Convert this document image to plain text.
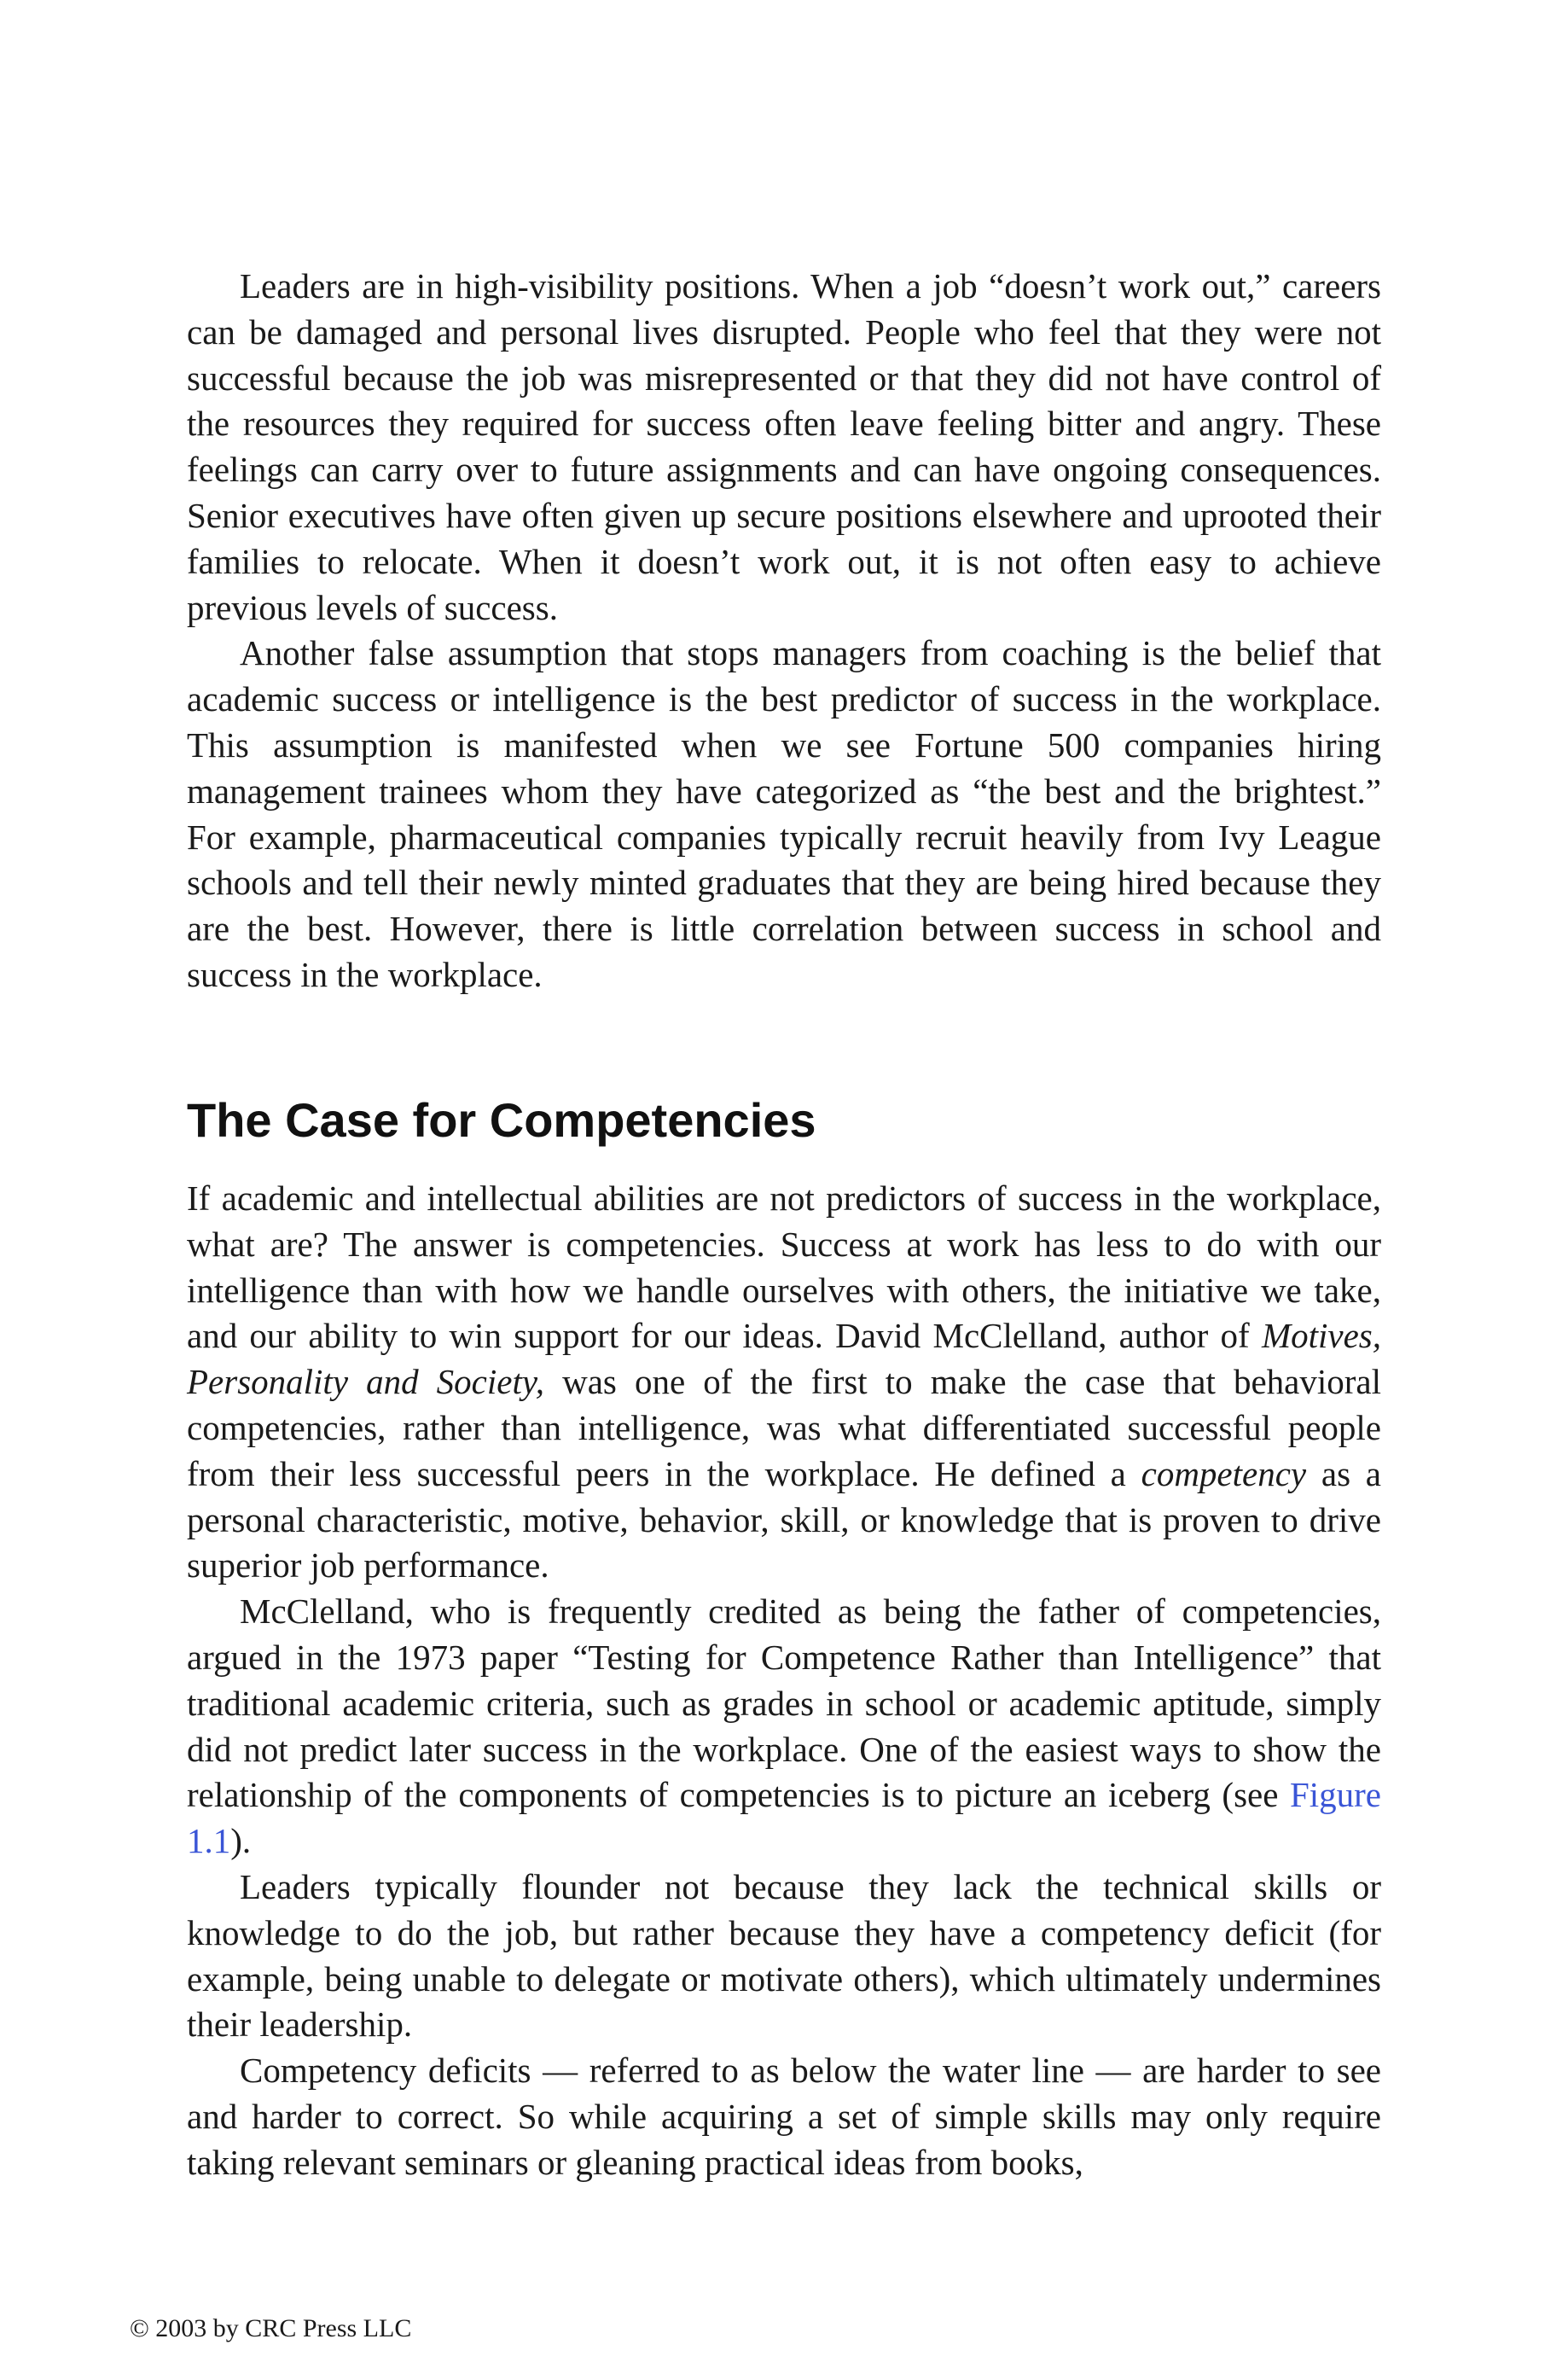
Leaders are in high-visibility positions. When a job “doesn’t work out,” careers can be damaged and personal lives disrupted. People who feel that they were not successful because the job was misrepresented or that they did not have control of the resources they required for success often leave feeling bitter and angry. These feelings can carry over to future assignments and can have ongoing consequences. Senior executives have often given up secure positions elsewhere and uprooted their families to relocate. When it doesn’t work out, it is not often easy to achieve previous levels of success.

Another false assumption that stops managers from coaching is the belief that academic success or intelligence is the best predictor of success in the workplace. This assumption is manifested when we see Fortune 500 companies hiring management trainees whom they have categorized as “the best and the brightest.” For example, pharmaceutical companies typically recruit heavily from Ivy League schools and tell their newly minted graduates that they are being hired because they are the best. However, there is little correlation between success in school and success in the workplace.

The Case for Competencies

If academic and intellectual abilities are not predictors of success in the workplace, what are? The answer is competencies. Success at work has less to do with our intelligence than with how we handle ourselves with others, the initiative we take, and our ability to win support for our ideas. David McClelland, author of Motives, Personality and Society, was one of the first to make the case that behavioral competencies, rather than intelligence, was what differentiated successful people from their less successful peers in the workplace. He defined a competency as a personal characteristic, motive, behavior, skill, or knowledge that is proven to drive superior job performance.

McClelland, who is frequently credited as being the father of competencies, argued in the 1973 paper “Testing for Competence Rather than Intelligence” that traditional academic criteria, such as grades in school or academic aptitude, simply did not predict later success in the workplace. One of the easiest ways to show the relationship of the components of competencies is to picture an iceberg (see Figure 1.1).

Leaders typically flounder not because they lack the technical skills or knowledge to do the job, but rather because they have a competency deficit (for example, being unable to delegate or motivate others), which ultimately undermines their leadership.

Competency deficits — referred to as below the water line — are harder to see and harder to correct. So while acquiring a set of simple skills may only require taking relevant seminars or gleaning practical ideas from books,

© 2003 by CRC Press LLC
